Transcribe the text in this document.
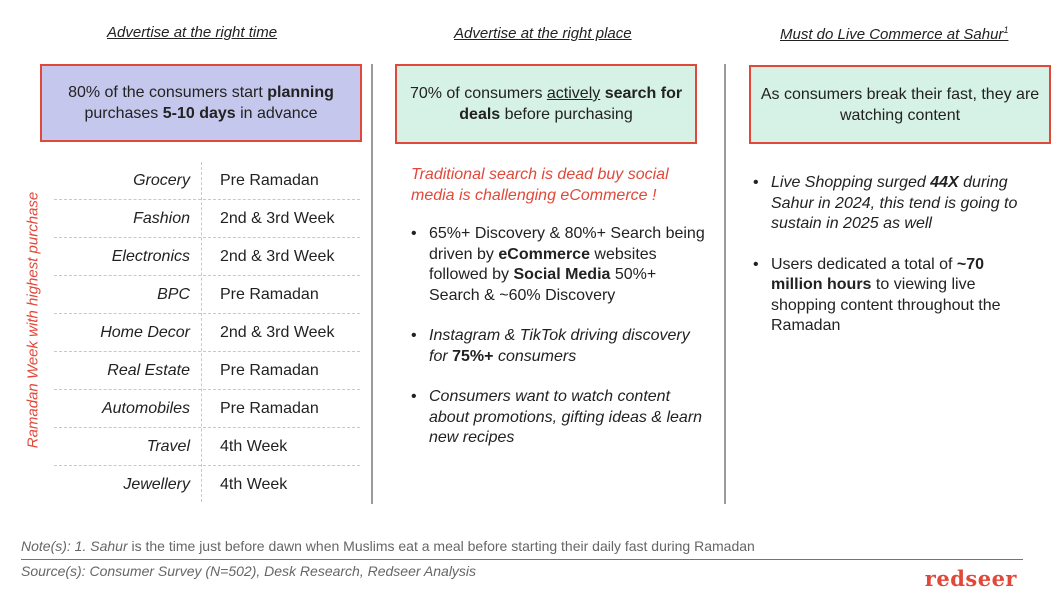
Advertise at the right time	Advertise at the right place	Must do Live Commerce at Sahur$^1$
80% of the consumers start planning
purchases 5-10 days in advance
70% of consumers actively search for
deals before purchasing
As consumers break their fast, they are watching content
Ramadan Week with highest purchase
Grocery Pre Ramadan
Fashion 2nd & 3rd Week
Electronics 2nd & 3rd Week
BPC Pre Ramadan
Home Decor 2nd & 3rd Week
Real Estate Pre Ramadan
Automobiles Pre Ramadan
Travel 4th Week
Jewellery 4th Week
Traditional search is dead buy social media is challenging eCommerce !
• 65%+ Discovery & 80%+ Search being driven by eCommerce websites followed by Social Media 50%+ Search & ~60% Discovery
• Instagram & TikTok driving discovery for 75%+ consumers
• Consumers want to watch content about promotions, gifting ideas & learn new recipes
• Live Shopping surged 44X during Sahur in 2024, this tend is going to sustain in 2025 as well
• Users dedicated a total of ~70 million hours to viewing live shopping content throughout the Ramadan
Note(s): 1. Sahur is the time just before dawn when Muslims eat a meal before starting their daily fast during Ramadan
Source(s): Consumer Survey (N=502), Desk Research, Redseer Analysis	redseer
